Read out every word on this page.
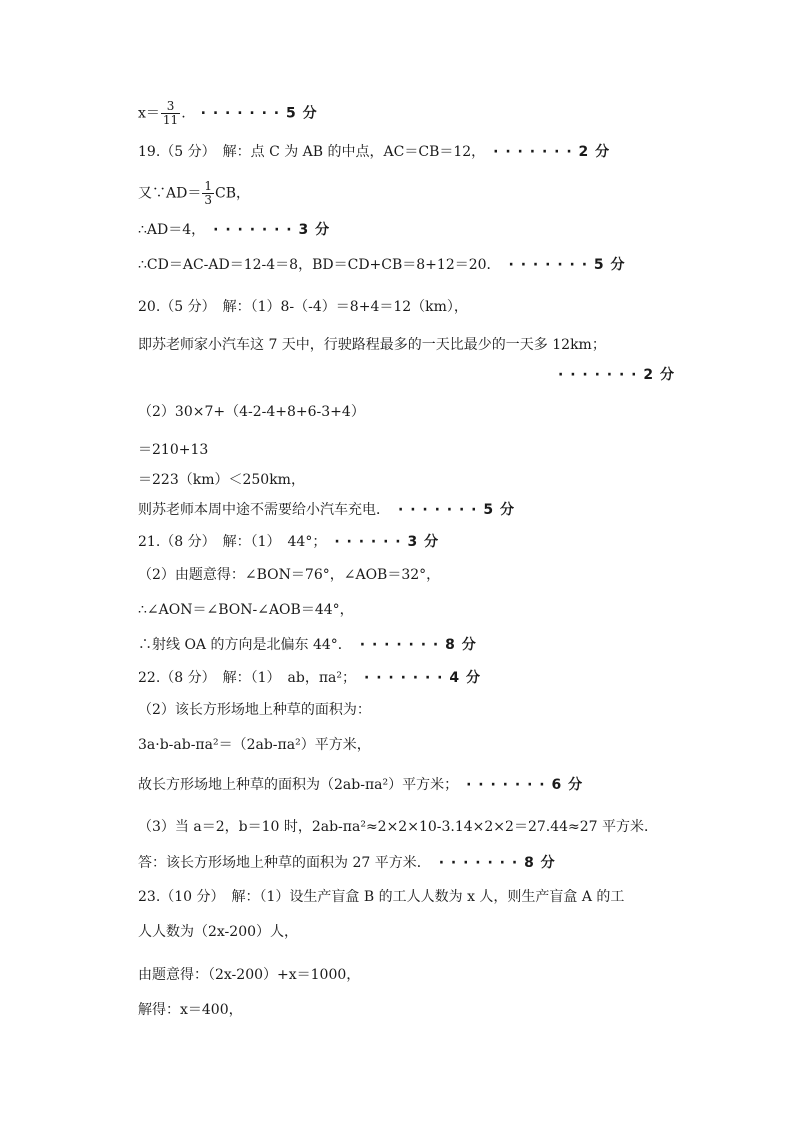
$x= \frac{3}{11}$ .　· · · · · · · 5 分
19.（5 分）　解：点 C 为 AB 的中点，AC＝CB＝12，　· · · · · · · 2 分
又∵AD＝ $\frac{1}{3}$ CB，
∴AD＝4，　· · · · · · · 3 分
∴CD＝AC-AD＝12-4＝8，BD＝CD+CB＝8+12＝20．　· · · · · · · 5 分
20.（5 分）　解：（1）8-（-4）＝8+4＝12（km），
即苏老师家小汽车这 7 天中，行驶路程最多的一天比最少的一天多 12km；
· · · · · · · 2 分
（2）30×7+（4-2-4+8+6-3+4）
＝210+13
＝223（km）＜250km，
则苏老师本周中途不需要给小汽车充电．　· · · · · · · 5 分
21.（8 分）　解：（1）　44°；　· · · · · · 3 分
（2）由题意得：∠BON＝76°，∠AOB＝32°，
∴∠AON＝∠BON-∠AOB＝44°，
∴射线 OA 的方向是北偏东 44°．　· · · · · · · 8 分
22.（8 分）　解：（1）　ab，πa²；　· · · · · · · 4 分
（2）该长方形场地上种草的面积为：
3a·b-ab-πa²＝（2ab-πa²）平方米，
故长方形场地上种草的面积为（2ab-πa²）平方米；　· · · · · · · 6 分
（3）当 a＝2，b＝10 时，2ab-πa²≈2×2×10-3.14×2×2＝27.44≈27 平方米．
答：该长方形场地上种草的面积为 27 平方米．　· · · · · · · 8 分
23.（10 分）　解：（1）设生产盲盒 B 的工人人数为 x 人，则生产盲盒 A 的工
人人数为（2x-200）人，
由题意得：（2x-200）+x＝1000，
解得：x＝400，
